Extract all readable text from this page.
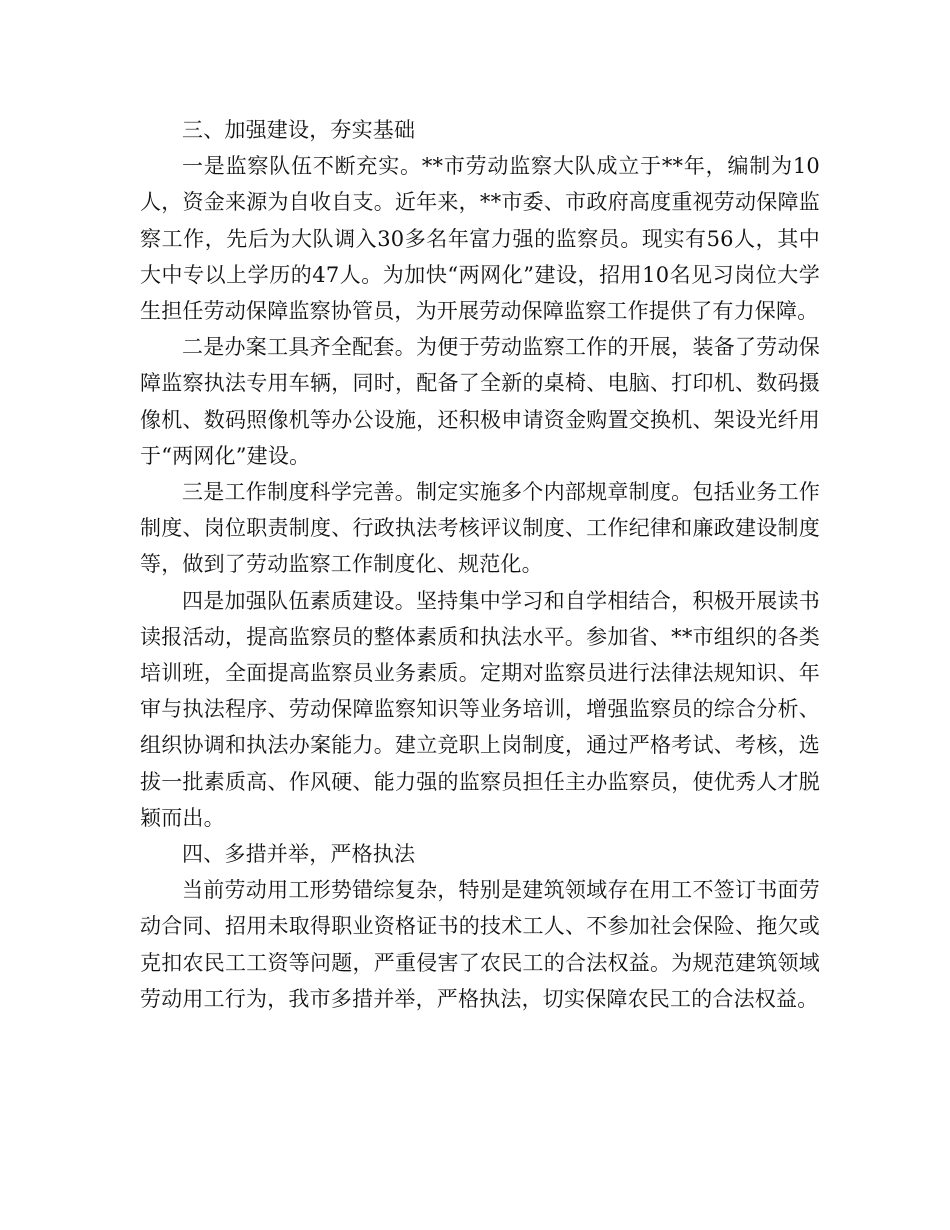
三、加强建设，夯实基础

一是监察队伍不断充实。**市劳动监察大队成立于**年，编制为10人，资金来源为自收自支。近年来，**市委、市政府高度重视劳动保障监察工作，先后为大队调入30多名年富力强的监察员。现实有56人，其中大中专以上学历的47人。为加快“两网化”建设，招用10名见习岗位大学生担任劳动保障监察协管员，为开展劳动保障监察工作提供了有力保障。

二是办案工具齐全配套。为便于劳动监察工作的开展，装备了劳动保障监察执法专用车辆，同时，配备了全新的桌椅、电脑、打印机、数码摄像机、数码照像机等办公设施，还积极申请资金购置交换机、架设光纤用于“两网化”建设。

三是工作制度科学完善。制定实施多个内部规章制度。包括业务工作制度、岗位职责制度、行政执法考核评议制度、工作纪律和廉政建设制度等，做到了劳动监察工作制度化、规范化。

四是加强队伍素质建设。坚持集中学习和自学相结合，积极开展读书读报活动，提高监察员的整体素质和执法水平。参加省、**市组织的各类培训班，全面提高监察员业务素质。定期对监察员进行法律法规知识、年审与执法程序、劳动保障监察知识等业务培训，增强监察员的综合分析、组织协调和执法办案能力。建立竞职上岗制度，通过严格考试、考核，选拔一批素质高、作风硬、能力强的监察员担任主办监察员，使优秀人才脱颖而出。

四、多措并举，严格执法

当前劳动用工形势错综复杂，特别是建筑领域存在用工不签订书面劳动合同、招用未取得职业资格证书的技术工人、不参加社会保险、拖欠或克扣农民工工资等问题，严重侵害了农民工的合法权益。为规范建筑领域劳动用工行为，我市多措并举，严格执法，切实保障农民工的合法权益。
